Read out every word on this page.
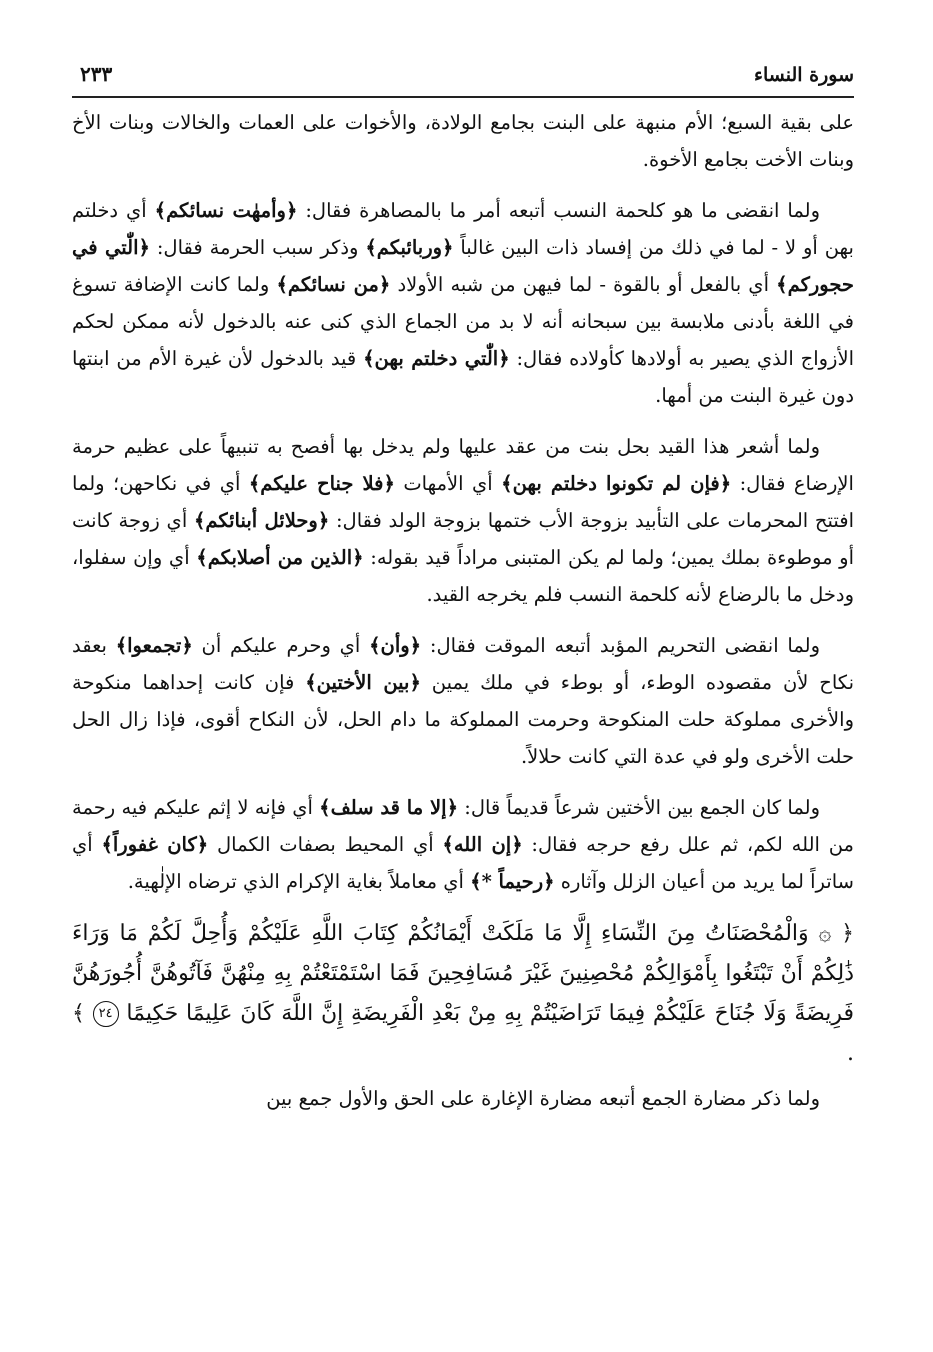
٢٣٣	سورة النساء

على بقية السبع؛ الأم منبهة على البنت بجامع الولادة، والأخوات على العمات والخالات وبنات الأخ وبنات الأخت بجامع الأخوة.

ولما انقضى ما هو كلحمة النسب أتبعه أمر ما بالمصاهرة فقال: ﴿وأمهٰت نسائكم﴾ أي دخلتم بهن أو لا - لما في ذلك من إفساد ذات البين غالباً ﴿وربائبكم﴾ وذكر سبب الحرمة فقال: ﴿الّٰتي في حجوركم﴾ أي بالفعل أو بالقوة - لما فيهن من شبه الأولاد ﴿من نسائكم﴾ ولما كانت الإضافة تسوغ في اللغة بأدنى ملابسة بين سبحانه أنه لا بد من الجماع الذي كنى عنه بالدخول لأنه ممكن لحكم الأزواج الذي يصير به أولادها كأولاده فقال: ﴿الّٰتي دخلتم بهن﴾ قيد بالدخول لأن غيرة الأم من ابنتها دون غيرة البنت من أمها.

ولما أشعر هذا القيد بحل بنت من عقد عليها ولم يدخل بها أفصح به تنبيهاً على عظيم حرمة الإرضاع فقال: ﴿فإن لم تكونوا دخلتم بهن﴾ أي الأمهات ﴿فلا جناح عليكم﴾ أي في نكاحهن؛ ولما افتتح المحرمات على التأبيد بزوجة الأب ختمها بزوجة الولد فقال: ﴿وحلائل أبنائكم﴾ أي زوجة كانت أو موطوءة بملك يمين؛ ولما لم يكن المتبنى مراداً قيد بقوله: ﴿الذين من أصلابكم﴾ أي وإن سفلوا، ودخل ما بالرضاع لأنه كلحمة النسب فلم يخرجه القيد.

ولما انقضى التحريم المؤبد أتبعه الموقت فقال: ﴿وأن﴾ أي وحرم عليكم أن ﴿تجمعوا﴾ بعقد نكاح لأن مقصوده الوطء، أو بوطء في ملك يمين ﴿بين الأختين﴾ فإن كانت إحداهما منكوحة والأخرى مملوكة حلت المنكوحة وحرمت المملوكة ما دام الحل، لأن النكاح أقوى، فإذا زال الحل حلت الأخرى ولو في عدة التي كانت حلالاً.

ولما كان الجمع بين الأختين شرعاً قديماً قال: ﴿إلا ما قد سلف﴾ أي فإنه لا إثم عليكم فيه رحمة من الله لكم، ثم علل رفع حرجه فقال: ﴿إن الله﴾ أي المحيط بصفات الكمال ﴿كان غفوراً﴾ أي ساتراً لما يريد من أعيان الزلل وآثاره ﴿رحيماً *﴾ أي معاملاً بغاية الإكرام الذي ترضاه الإلٰهية.

﴿ ۞ وَالْمُحْصَنَاتُ مِنَ النِّسَاءِ إِلَّا مَا مَلَكَتْ أَيْمَانُكُمْ كِتَابَ اللَّهِ عَلَيْكُمْ وَأُحِلَّ لَكُمْ مَا وَرَاءَ ذَٰلِكُمْ أَنْ تَبْتَغُوا بِأَمْوَالِكُمْ مُحْصِنِينَ غَيْرَ مُسَافِحِينَ فَمَا اسْتَمْتَعْتُمْ بِهِ مِنْهُنَّ فَآتُوهُنَّ أُجُورَهُنَّ فَرِيضَةً وَلَا جُنَاحَ عَلَيْكُمْ فِيمَا تَرَاضَيْتُمْ بِهِ مِنْ بَعْدِ الْفَرِيضَةِ إِنَّ اللَّهَ كَانَ عَلِيمًا حَكِيمًا ٢٤ ﴾ .

ولما ذكر مضارة الجمع أتبعه مضارة الإغارة على الحق والأول جمع بين
